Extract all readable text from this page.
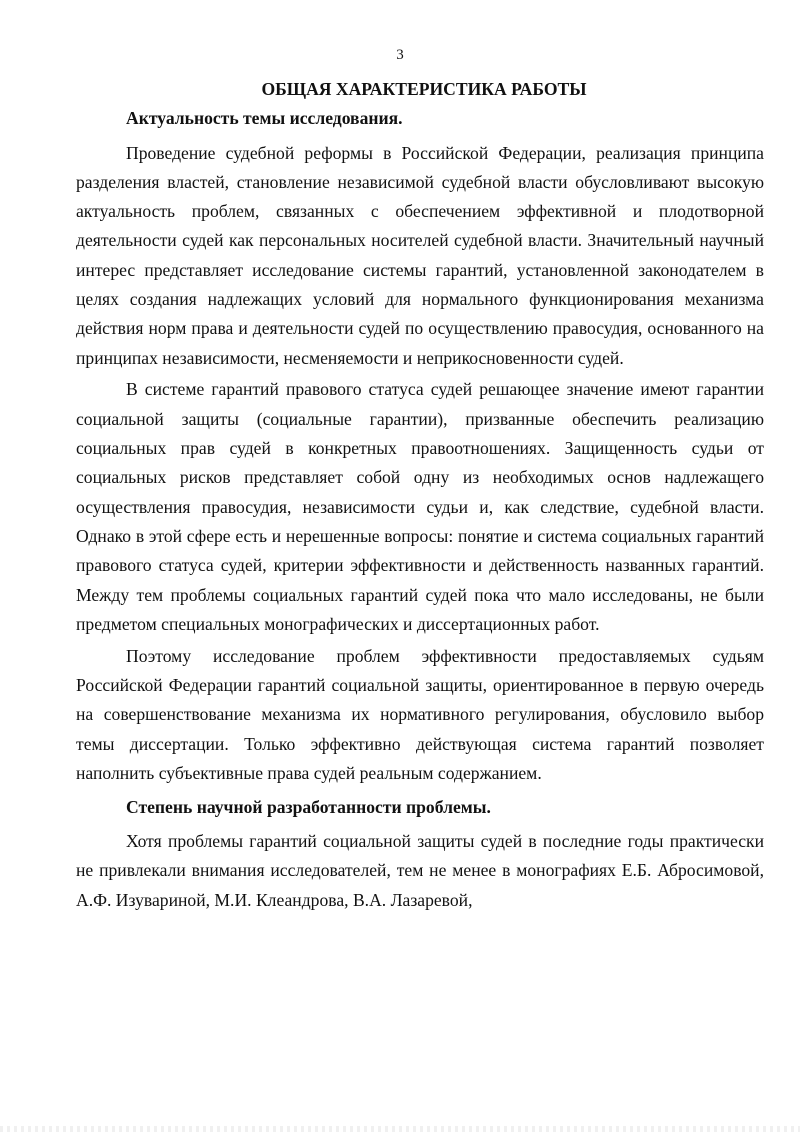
3

ОБЩАЯ ХАРАКТЕРИСТИКА РАБОТЫ

Актуальность темы исследования.

Проведение судебной реформы в Российской Федерации, реализация принципа разделения властей, становление независимой судебной власти обусловливают высокую актуальность проблем, связанных с обеспечением эффективной и плодотворной деятельности судей как персональных носителей судебной власти. Значительный научный интерес представляет исследование системы гарантий, установленной законодателем в целях создания надлежащих условий для нормального функционирования механизма действия норм права и деятельности судей по осуществлению правосудия, основанного на принципах независимости, несменяемости и неприкосновенности судей.

В системе гарантий правового статуса судей решающее значение имеют гарантии социальной защиты (социальные гарантии), призванные обеспечить реализацию социальных прав судей в конкретных правоотношениях. Защищенность судьи от социальных рисков представляет собой одну из необходимых основ надлежащего осуществления правосудия, независимости судьи и, как следствие, судебной власти. Однако в этой сфере есть и нерешенные вопросы: понятие и система социальных гарантий правового статуса судей, критерии эффективности и действенность названных гарантий. Между тем проблемы социальных гарантий судей пока что мало исследованы, не были предметом специальных монографических и диссертационных работ.

Поэтому исследование проблем эффективности предоставляемых судьям Российской Федерации гарантий социальной защиты, ориентированное в первую очередь на совершенствование механизма их нормативного регулирования, обусловило выбор темы диссертации. Только эффективно действующая система гарантий позволяет наполнить субъективные права судей реальным содержанием.

Степень научной разработанности проблемы.

Хотя проблемы гарантий социальной защиты судей в последние годы практически не привлекали внимания исследователей, тем не менее в монографиях Е.Б. Абросимовой, А.Ф. Изувариной, М.И. Клеандрова, В.А. Лазаревой,
